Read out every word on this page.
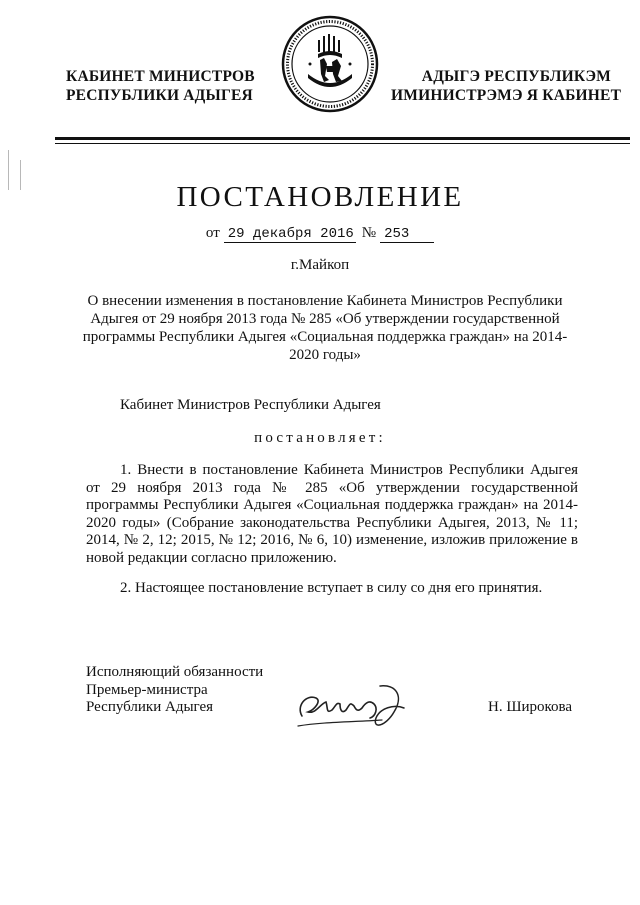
КАБИНЕТ МИНИСТРОВ
РЕСПУБЛИКИ АДЫГЕЯ
АДЫГЭ РЕСПУБЛИКЭМ
ИМИНИСТРЭМЭ Я КАБИНЕТ
ПОСТАНОВЛЕНИЕ
от 29 декабря 2016 № 253
г.Майкоп
О внесении изменения в постановление Кабинета Министров Республики Адыгея от 29 ноября 2013 года № 285 «Об утверждении государственной программы Республики Адыгея «Социальная поддержка граждан» на 2014-2020 годы»
Кабинет Министров Республики Адыгея
постановляет:
1. Внести в постановление Кабинета Министров Республики Адыгея от 29 ноября 2013 года № 285 «Об утверждении государственной программы Республики Адыгея «Социальная поддержка граждан» на 2014-2020 годы» (Собрание законодательства Республики Адыгея, 2013, № 11; 2014, № 2, 12; 2015, № 12; 2016, № 6, 10) изменение, изложив приложение в новой редакции согласно приложению.
2. Настоящее постановление вступает в силу со дня его принятия.
Исполняющий обязанности
Премьер-министра
Республики Адыгея	Н. Широкова
